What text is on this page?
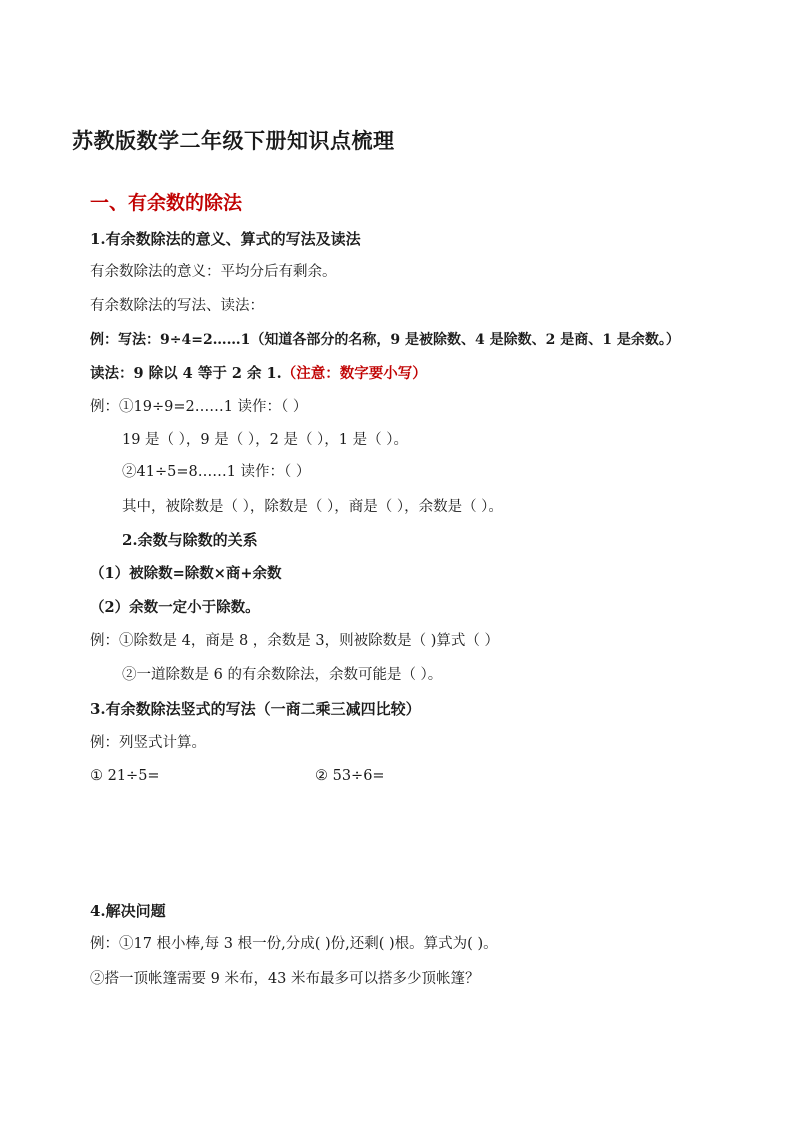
苏教版数学二年级下册知识点梳理
一、有余数的除法
1.有余数除法的意义、算式的写法及读法
有余数除法的意义：平均分后有剩余。
有余数除法的写法、读法：
例：写法：9÷4=2……1（知道各部分的名称，9 是被除数、4 是除数、2 是商、1 是余数。）
读法：9 除以 4 等于 2 余 1.（注意：数字要小写）
例：①19÷9=2……1 读作：（ ）
19 是（ ），9 是（ ），2 是（ ），1 是（ ）。
②41÷5=8……1 读作：（ ）
其中，被除数是（ ），除数是（ ），商是（ ），余数是（ ）。
2.余数与除数的关系
（1）被除数=除数×商+余数
（2）余数一定小于除数。
例：①除数是 4，商是 8 ，余数是 3，则被除数是（ )算式（ ）
②一道除数是 6 的有余数除法，余数可能是（ ）。
3.有余数除法竖式的写法（一商二乘三减四比较）
例：列竖式计算。
① 21÷5=	② 53÷6=
4.解决问题
例：①17 根小棒,每 3 根一份,分成( )份,还剩( )根。算式为( )。
②搭一顶帐篷需要 9 米布，43 米布最多可以搭多少顶帐篷？
